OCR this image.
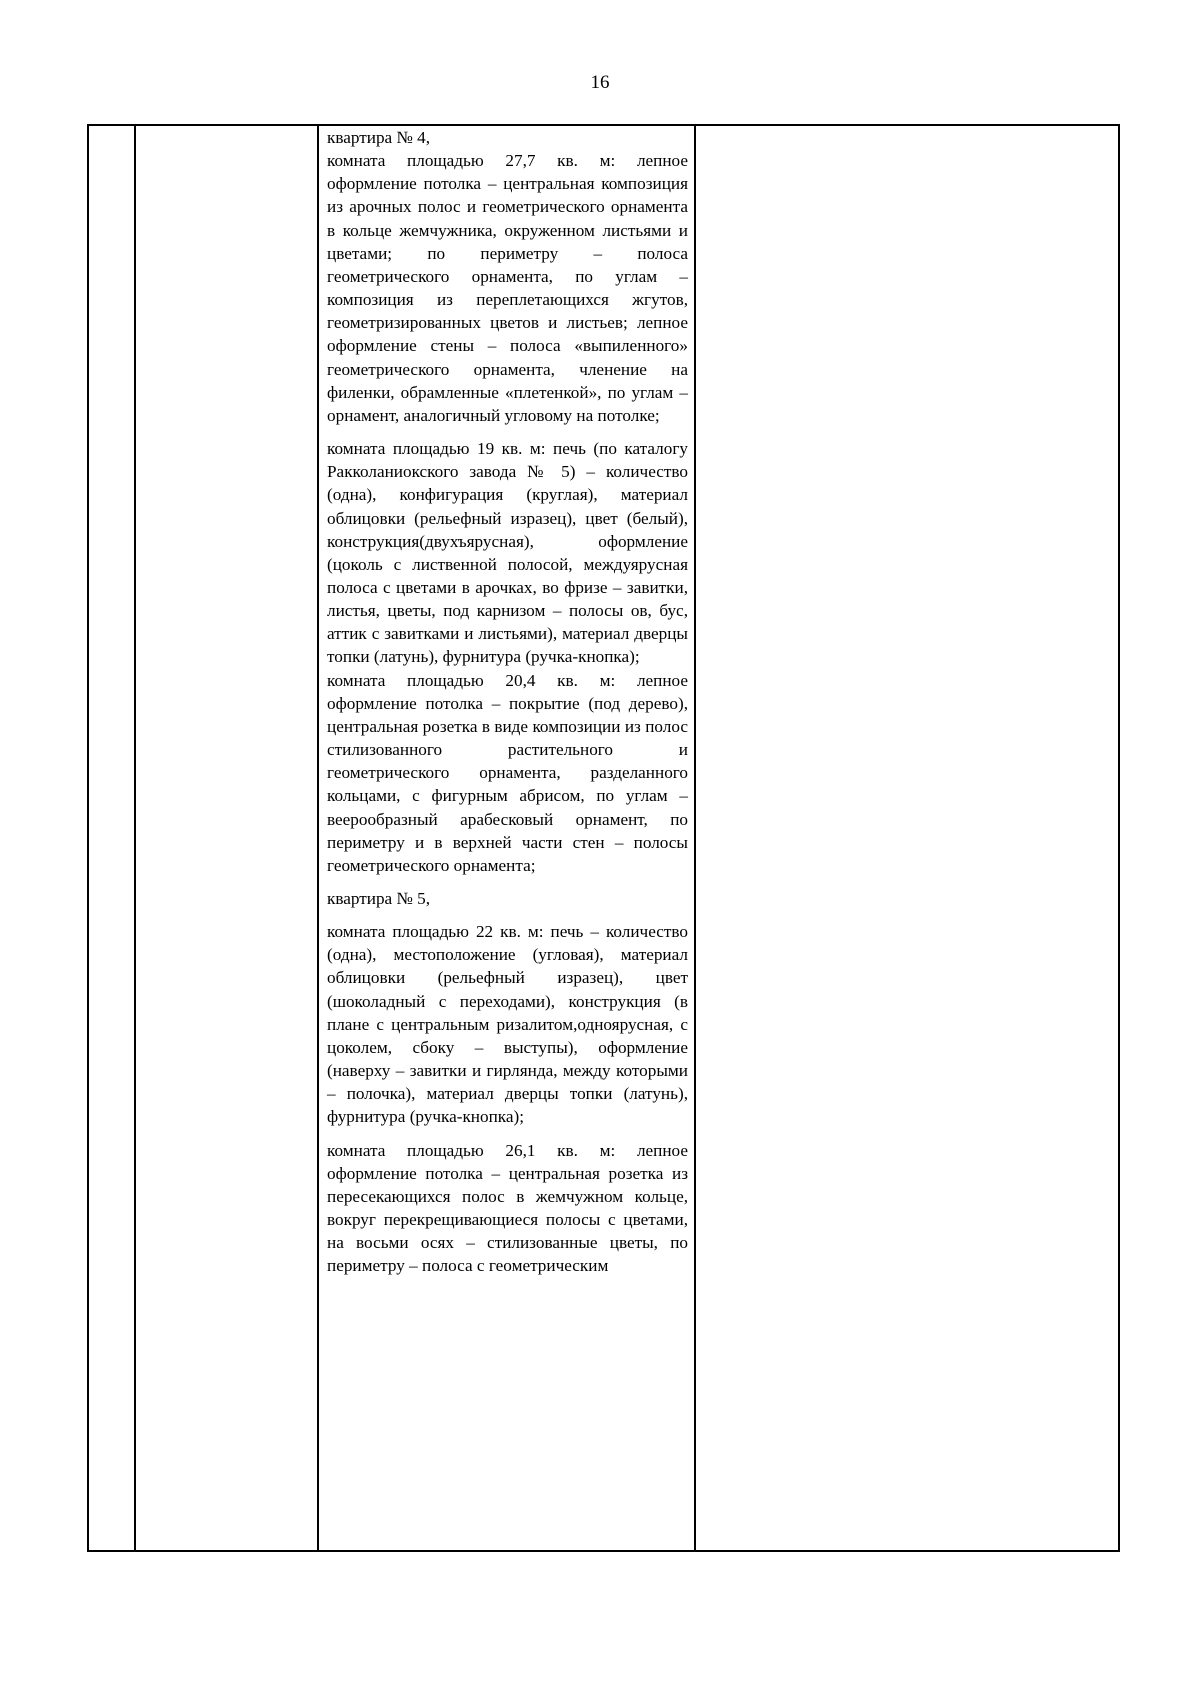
16

квартира № 4,

комната площадью 27,7 кв. м: лепное оформление потолка – центральная композиция из арочных полос и геометрического орнамента в кольце жемчужника, окруженном листьями и цветами; по периметру – полоса геометрического орнамента, по углам – композиция из переплетающихся жгутов, геометризированных цветов и листьев; лепное оформление стены – полоса «выпиленного» геометрического орнамента, членение на филенки, обрамленные «плетенкой», по углам – орнамент, аналогичный угловому на потолке;

комната площадью 19 кв. м: печь (по каталогу Ракколаниокского завода № 5) – количество (одна), конфигурация (круглая), материал облицовки (рельефный изразец), цвет (белый), конструкция(двухъярусная), оформление (цоколь с лиственной полосой, междуярусная полоса с цветами в арочках, во фризе – завитки, листья, цветы, под карнизом – полосы ов, бус, аттик с завитками и листьями), материал дверцы топки (латунь), фурнитура (ручка-кнопка);

комната площадью 20,4 кв. м: лепное оформление потолка – покрытие (под дерево), центральная розетка в виде композиции из полос стилизованного растительного и геометрического орнамента, разделанного кольцами, с фигурным абрисом, по углам – веерообразный арабесковый орнамент, по периметру и в верхней части стен – полосы геометрического орнамента;

квартира № 5,

комната площадью 22 кв. м: печь – количество (одна), местоположение (угловая), материал облицовки (рельефный изразец), цвет (шоколадный с переходами), конструкция (в плане с центральным ризалитом,одноярусная, с цоколем, сбоку – выступы), оформление (наверху – завитки и гирлянда, между которыми – полочка), материал дверцы топки (латунь), фурнитура (ручка-кнопка);

комната площадью 26,1 кв. м: лепное оформление потолка – центральная розетка из пересекающихся полос в жемчужном кольце, вокруг перекрещивающиеся полосы с цветами, на восьми осях – стилизованные цветы, по периметру – полоса с геометрическим
